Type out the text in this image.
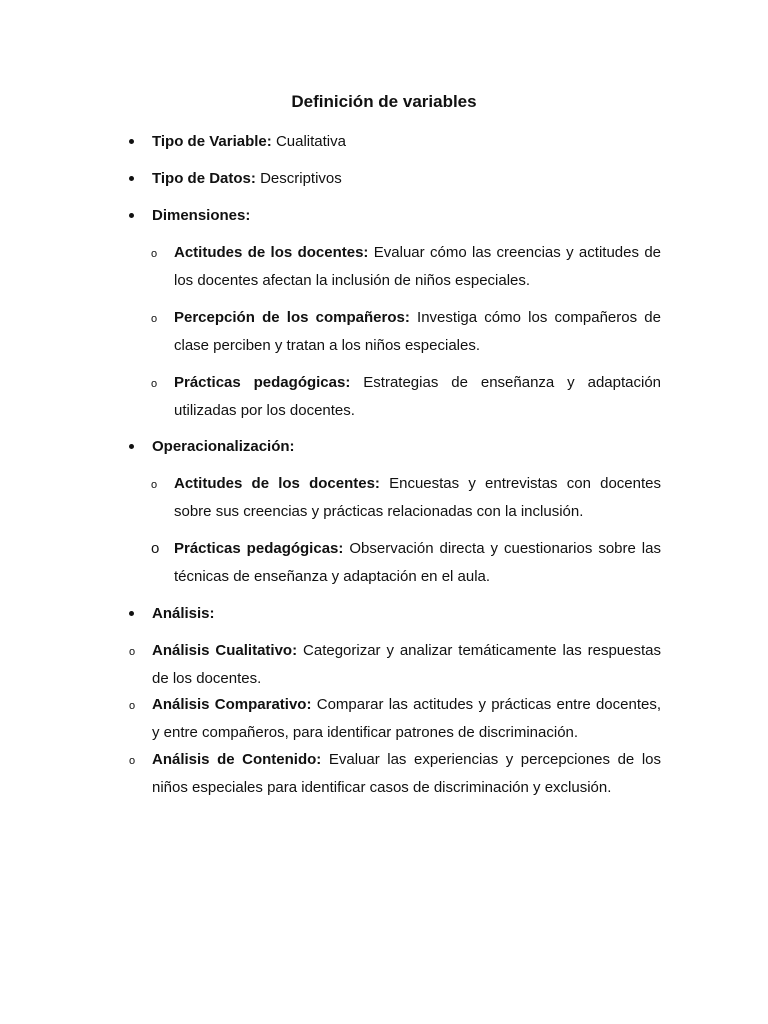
Definición de variables
Tipo de Variable: Cualitativa
Tipo de Datos: Descriptivos
Dimensiones:
o Actitudes de los docentes: Evaluar cómo las creencias y actitudes de los docentes afectan la inclusión de niños especiales.
o Percepción de los compañeros: Investiga cómo los compañeros de clase perciben y tratan a los niños especiales.
o Prácticas pedagógicas: Estrategias de enseñanza y adaptación utilizadas por los docentes.
Operacionalización:
o Actitudes de los docentes: Encuestas y entrevistas con docentes sobre sus creencias y prácticas relacionadas con la inclusión.
o Prácticas pedagógicas: Observación directa y cuestionarios sobre las técnicas de enseñanza y adaptación en el aula.
Análisis:
o Análisis Cualitativo: Categorizar y analizar temáticamente las respuestas de los docentes.
o Análisis Comparativo: Comparar las actitudes y prácticas entre docentes, y entre compañeros, para identificar patrones de discriminación.
o Análisis de Contenido: Evaluar las experiencias y percepciones de los niños especiales para identificar casos de discriminación y exclusión.
